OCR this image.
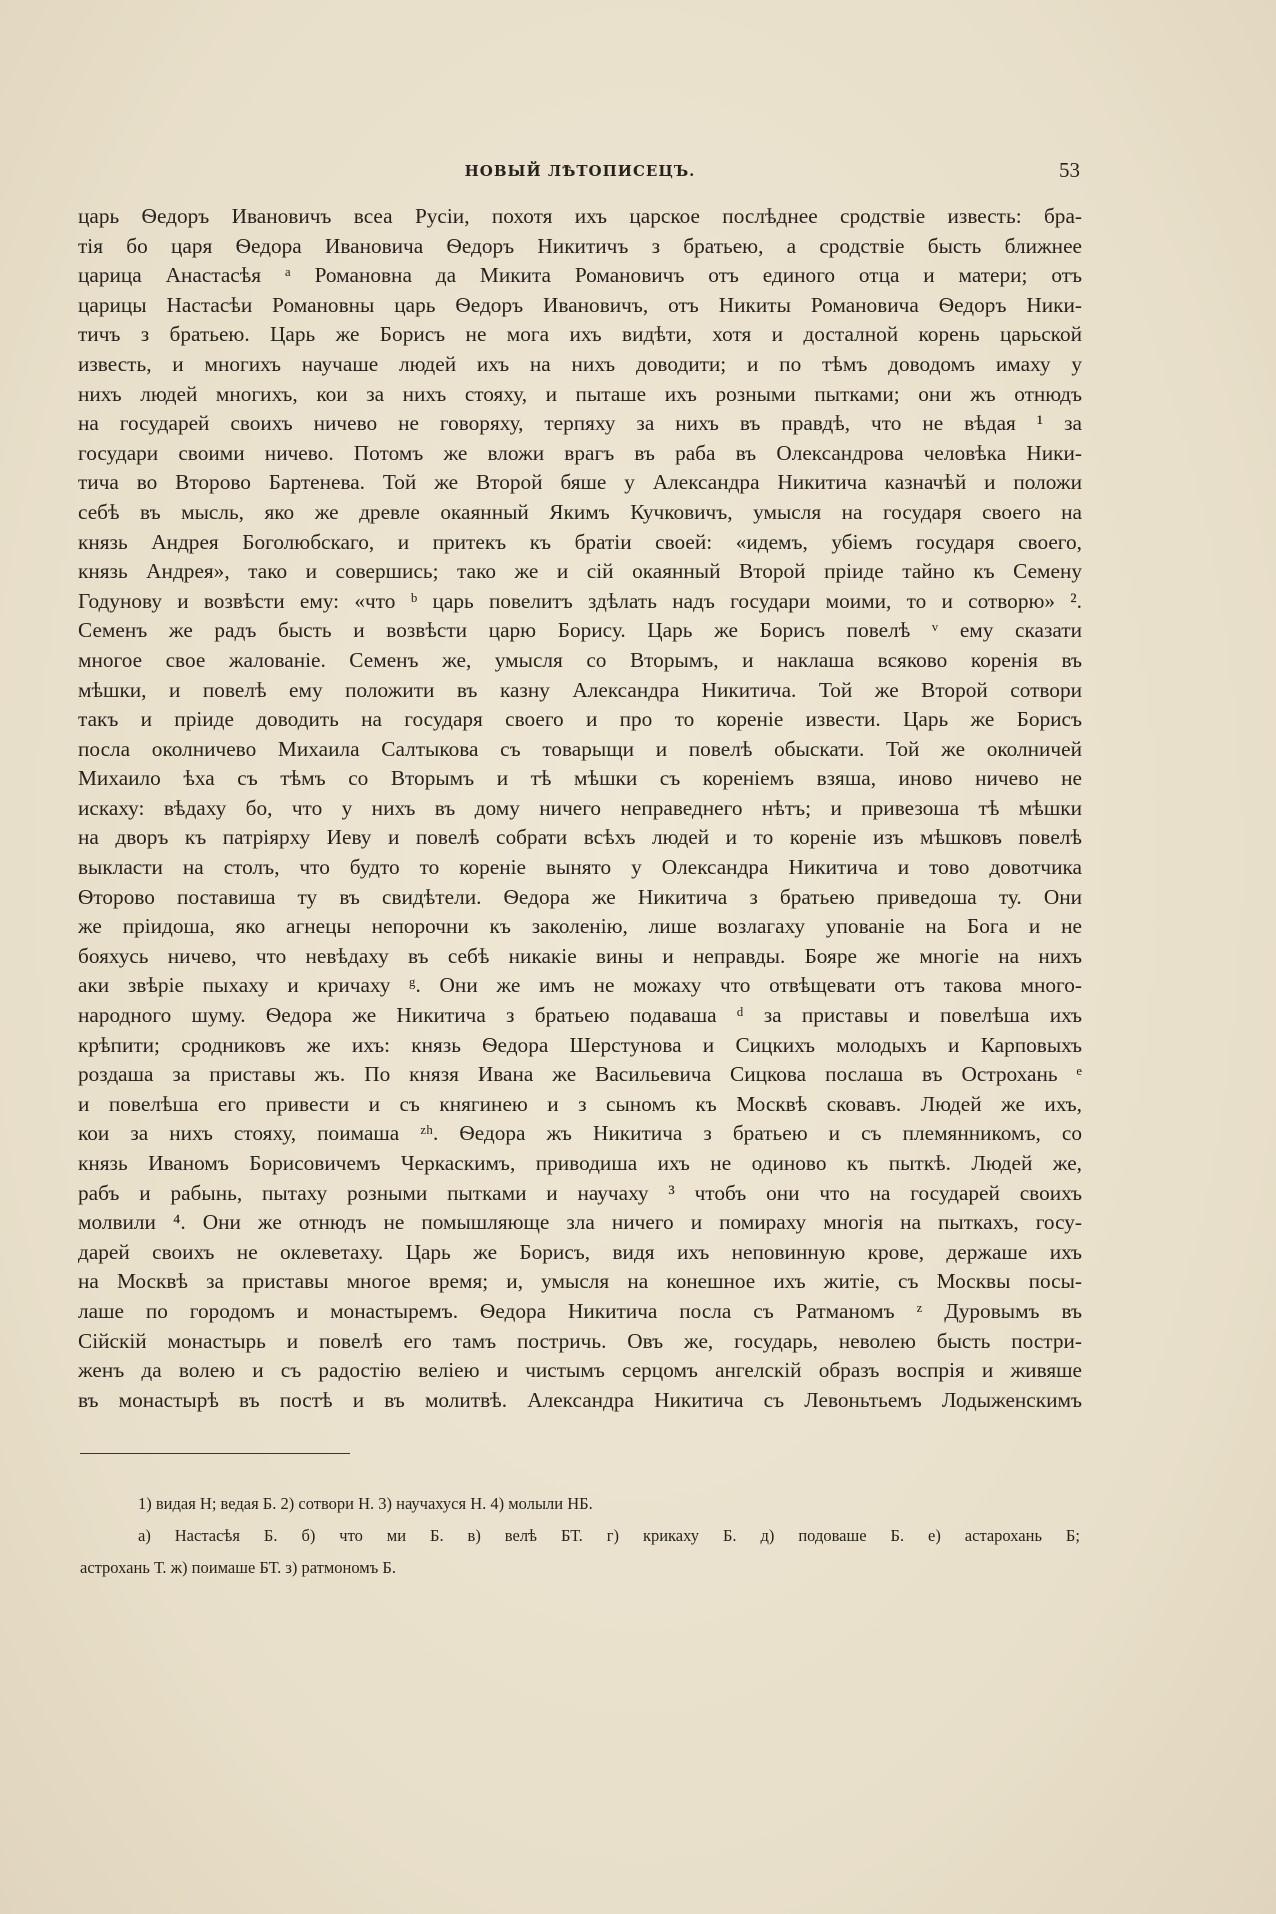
НОВЫЙ ЛѢТОПИСЕЦЪ.	53
царь Ѳедоръ Ивановичъ всеа Русіи, похотя ихъ царское послѣднее сродствіе известь: бра-
тія бо царя Ѳедора Ивановича Ѳедоръ Никитичъ з братьею, а сродствіе бысть ближнее
царица Анастасѣя ᵃ Романовна да Микита Романовичъ отъ единого отца и матери; отъ
царицы Настасѣи Романовны царь Ѳедоръ Ивановичъ, отъ Никиты Романовича Ѳедоръ Ники-
тичъ з братьею. Царь же Борисъ не мога ихъ видѣти, хотя и досталной корень царьской
известь, и многихъ научаше людей ихъ на нихъ доводити; и по тѣмъ доводомъ имаху у
нихъ людей многихъ, кои за нихъ стояху, и пыташе ихъ розными пытками; они жъ отнюдъ
на государей своихъ ничево не говоряху, терпяху за нихъ въ правдѣ, что не вѣдая ¹ за
государи своими ничево. Потомъ же вложи врагъ въ раба въ Олександрова человѣка Ники-
тича во Второво Бартенева. Той же Второй бяше у Александра Никитича казначѣй и положи
себѣ въ мысль, яко же древле окаянный Якимъ Кучковичъ, умысля на государя своего на
князь Андрея Боголюбскаго, и притекъ къ братіи своей: «идемъ, убіемъ государя своего,
князь Андрея», тако и совершись; тако же и сій окаянный Второй пріиде тайно къ Семену
Годунову и возвѣсти ему: «что ᵇ царь повелитъ здѣлать надъ государи моими, то и сотворю» ².
Семенъ же радъ бысть и возвѣсти царю Борису. Царь же Борисъ повелѣ ᵛ ему сказати
многое свое жалованіе. Семенъ же, умысля со Вторымъ, и наклаша всяково коренія въ
мѣшки, и повелѣ ему положити въ казну Александра Никитича. Той же Второй сотвори
такъ и пріиде доводить на государя своего и про то кореніе извести. Царь же Борисъ
посла околничево Михаила Салтыкова съ товарыщи и повелѣ обыскати. Той же околничей
Михаило ѣха съ тѣмъ со Вторымъ и тѣ мѣшки съ кореніемъ взяша, иново ничево не
искаху: вѣдаху бо, что у нихъ въ дому ничего неправеднего нѣтъ; и привезоша тѣ мѣшки
на дворъ къ патріярху Иеву и повелѣ собрати всѣхъ людей и то кореніе изъ мѣшковъ повелѣ
выкласти на столъ, что будто то кореніе вынято у Олександра Никитича и тово довотчика
Ѳторово поставиша ту въ свидѣтели. Ѳедора же Никитича з братьею приведоша ту. Они
же пріидоша, яко агнецы непорочни къ заколенію, лише возлагаху упованіе на Бога и не
бояхусь ничево, что невѣдаху въ себѣ никакіе вины и неправды. Бояре же многіе на нихъ
аки звѣріе пыхаху и кричаху ᵍ. Они же имъ не можаху что отвѣщевати отъ такова много-
народного шуму. Ѳедора же Никитича з братьею подаваша ᵈ за приставы и повелѣша ихъ
крѣпити; сродниковъ же ихъ: князь Ѳедора Шерстунова и Сицкихъ молодыхъ и Карповыхъ
роздаша за приставы жъ. По князя Ивана же Васильевича Сицкова послаша въ Острохань ᵉ
и повелѣша его привести и съ княгинею и з сыномъ къ Москвѣ сковавъ. Людей же ихъ,
кои за нихъ стояху, поимаша ᶻʰ. Ѳедора жъ Никитича з братьею и съ племянникомъ, со
князь Иваномъ Борисовичемъ Черкаскимъ, приводиша ихъ не одиново къ пыткѣ. Людей же,
рабъ и рабынь, пытаху розными пытками и научаху ³ чтобъ они что на государей своихъ
молвили ⁴. Они же отнюдъ не помышляюще зла ничего и помираху многія на пыткахъ, госу-
дарей своихъ не оклеветаху. Царь же Борисъ, видя ихъ неповинную крове, держаше ихъ
на Москвѣ за приставы многое время; и, умысля на конешное ихъ житіе, съ Москвы посы-
лаше по городомъ и монастыремъ. Ѳедора Никитича посла съ Ратманомъ ᶻ Дуровымъ въ
Сійскій монастырь и повелѣ его тамъ постричь. Овъ же, государь, неволею бысть постри-
женъ да волею и съ радостію веліею и чистымъ серцомъ ангелскій образъ воспрія и живяше
въ монастырѣ въ постѣ и въ молитвѣ. Александра Никитича съ Левоньтьемъ Лодыженскимъ
1) видая Н; ведая Б. 2) сотвори Н. 3) научахуся Н. 4) молыли НБ.
а) Настасѣя Б. б) что ми Б. в) велѣ БТ. г) крикаху Б. д) подоваше Б. е) астарохань Б;
астрохань Т. ж) поимаше БТ. з) ратмономъ Б.
